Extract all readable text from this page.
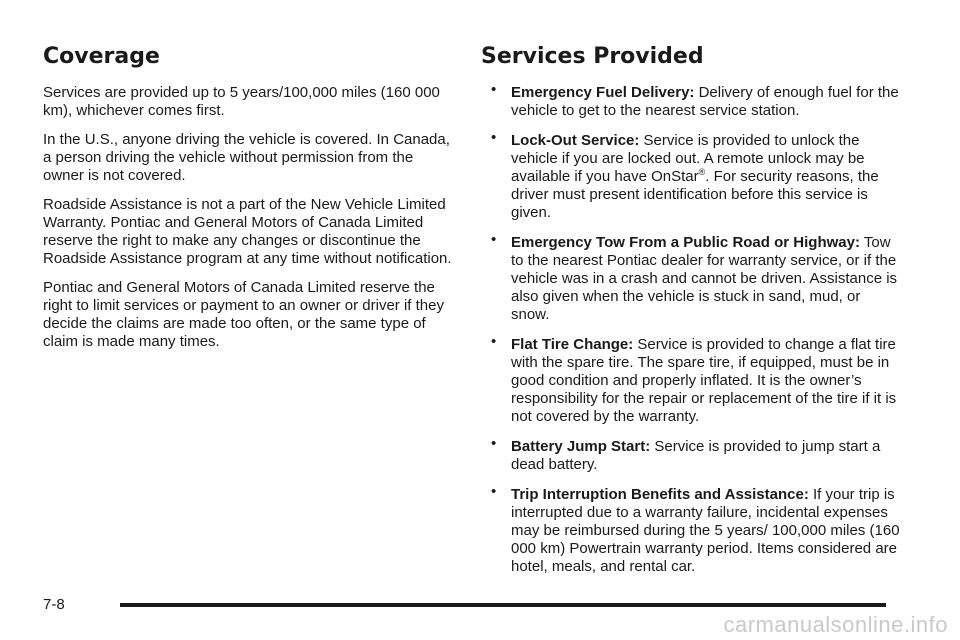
Coverage

Services are provided up to 5 years/100,000 miles (160 000 km), whichever comes first.

In the U.S., anyone driving the vehicle is covered. In Canada, a person driving the vehicle without permission from the owner is not covered.

Roadside Assistance is not a part of the New Vehicle Limited Warranty. Pontiac and General Motors of Canada Limited reserve the right to make any changes or discontinue the Roadside Assistance program at any time without notification.

Pontiac and General Motors of Canada Limited reserve the right to limit services or payment to an owner or driver if they decide the claims are made too often, or the same type of claim is made many times.

Services Provided
• Emergency Fuel Delivery: Delivery of enough fuel for the vehicle to get to the nearest service station.
• Lock-Out Service: Service is provided to unlock the vehicle if you are locked out. A remote unlock may be available if you have OnStar®. For security reasons, the driver must present identification before this service is given.
• Emergency Tow From a Public Road or Highway: Tow to the nearest Pontiac dealer for warranty service, or if the vehicle was in a crash and cannot be driven. Assistance is also given when the vehicle is stuck in sand, mud, or snow.
• Flat Tire Change: Service is provided to change a flat tire with the spare tire. The spare tire, if equipped, must be in good condition and properly inflated. It is the owner’s responsibility for the repair or replacement of the tire if it is not covered by the warranty.
• Battery Jump Start: Service is provided to jump start a dead battery.
• Trip Interruption Benefits and Assistance: If your trip is interrupted due to a warranty failure, incidental expenses may be reimbursed during the 5 years/ 100,000 miles (160 000 km) Powertrain warranty period. Items considered are hotel, meals, and rental car.
7-8
carmanualsonline.info
